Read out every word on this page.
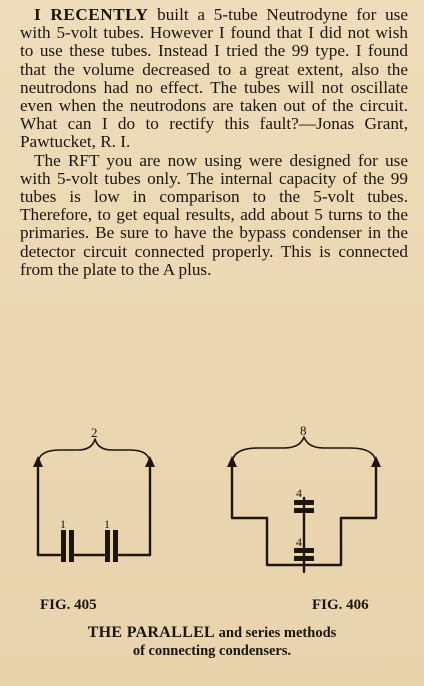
I RECENTLY built a 5-tube Neutrodyne for use with 5-volt tubes. However I found that I did not wish to use these tubes. Instead I tried the 99 type. I found that the volume decreased to a great extent, also the neutrodons had no effect. The tubes will not oscillate even when the neutrodons are taken out of the circuit. What can I do to rectify this fault?—Jonas Grant, Pawtucket, R. I.

The RFT you are now using were designed for use with 5-volt tubes only. The internal capacity of the 99 tubes is low in comparison to the 5-volt tubes. Therefore, to get equal results, add about 5 turns to the primaries. Be sure to have the bypass condenser in the detector circuit connected properly. This is connected from the plate to the A plus.

2
1	1
8
4
4
FIG. 405	FIG. 406
THE PARALLEL and series methods
of connecting condensers.
